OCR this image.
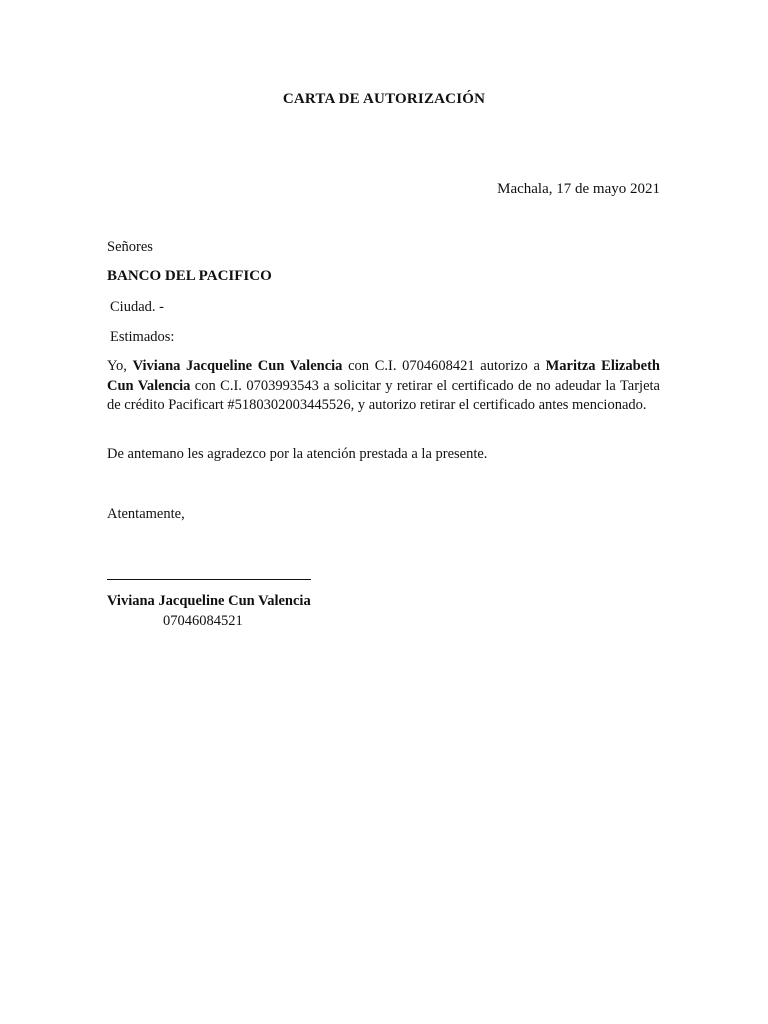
CARTA DE AUTORIZACIÓN
Machala, 17 de mayo 2021
Señores
BANCO DEL PACIFICO
Ciudad. -
Estimados:

Yo, Viviana Jacqueline Cun Valencia con C.I. 0704608421 autorizo a Maritza Elizabeth Cun Valencia con C.I. 0703993543 a solicitar y retirar el certificado de no adeudar la Tarjeta de crédito Pacificart #5180302003445526, y autorizo retirar el certificado antes mencionado.

De antemano les agradezco por la atención prestada a la presente.
Atentamente,
Viviana Jacqueline Cun Valencia
07046084521
